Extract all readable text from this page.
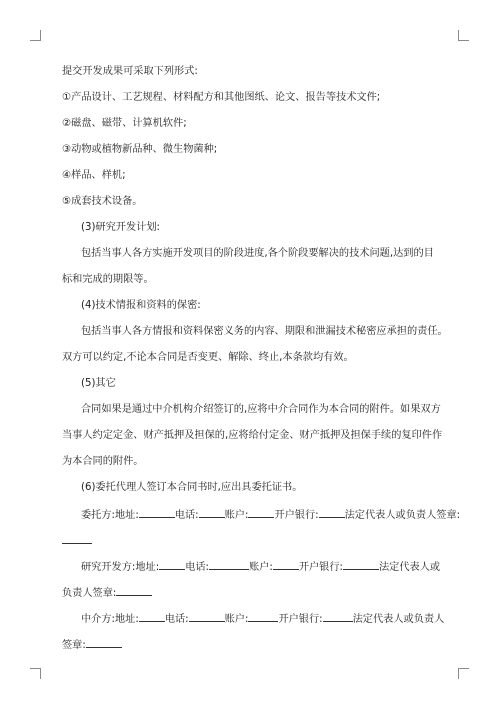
提交开发成果可采取下列形式:
①产品设计、工艺规程、材料配方和其他图纸、论文、报告等技术文件;
②磁盘、磁带、计算机软件;
③动物或植物新品种、微生物菌种;
④样品、样机;
⑤成套技术设备。
(3)研究开发计划:
包括当事人各方实施开发项目的阶段进度,各个阶段要解决的技术问题,达到的目
标和完成的期限等。
(4)技术情报和资料的保密:
包括当事人各方情报和资料保密义务的内容、期限和泄漏技术秘密应承担的责任。
双方可以约定,不论本合同是否变更、解除、终止,本条款均有效。
(5)其它
合同如果是通过中介机构介绍签订的,应将中介合同作为本合同的附件。如果双方
当事人约定定金、财产抵押及担保的,应将给付定金、财产抵押及担保手续的复印件作
为本合同的附件。
(6)委托代理人签订本合同书时,应出具委托证书。
委托方:地址:	电话:	账户:	开户银行:	法定代表人或负责人签章:
研究开发方:地址:	电话:	账户:	开户银行:	法定代表人或
负责人签章:
中介方:地址:	电话:	账户:	开户银行:	法定代表人或负责人
签章:
